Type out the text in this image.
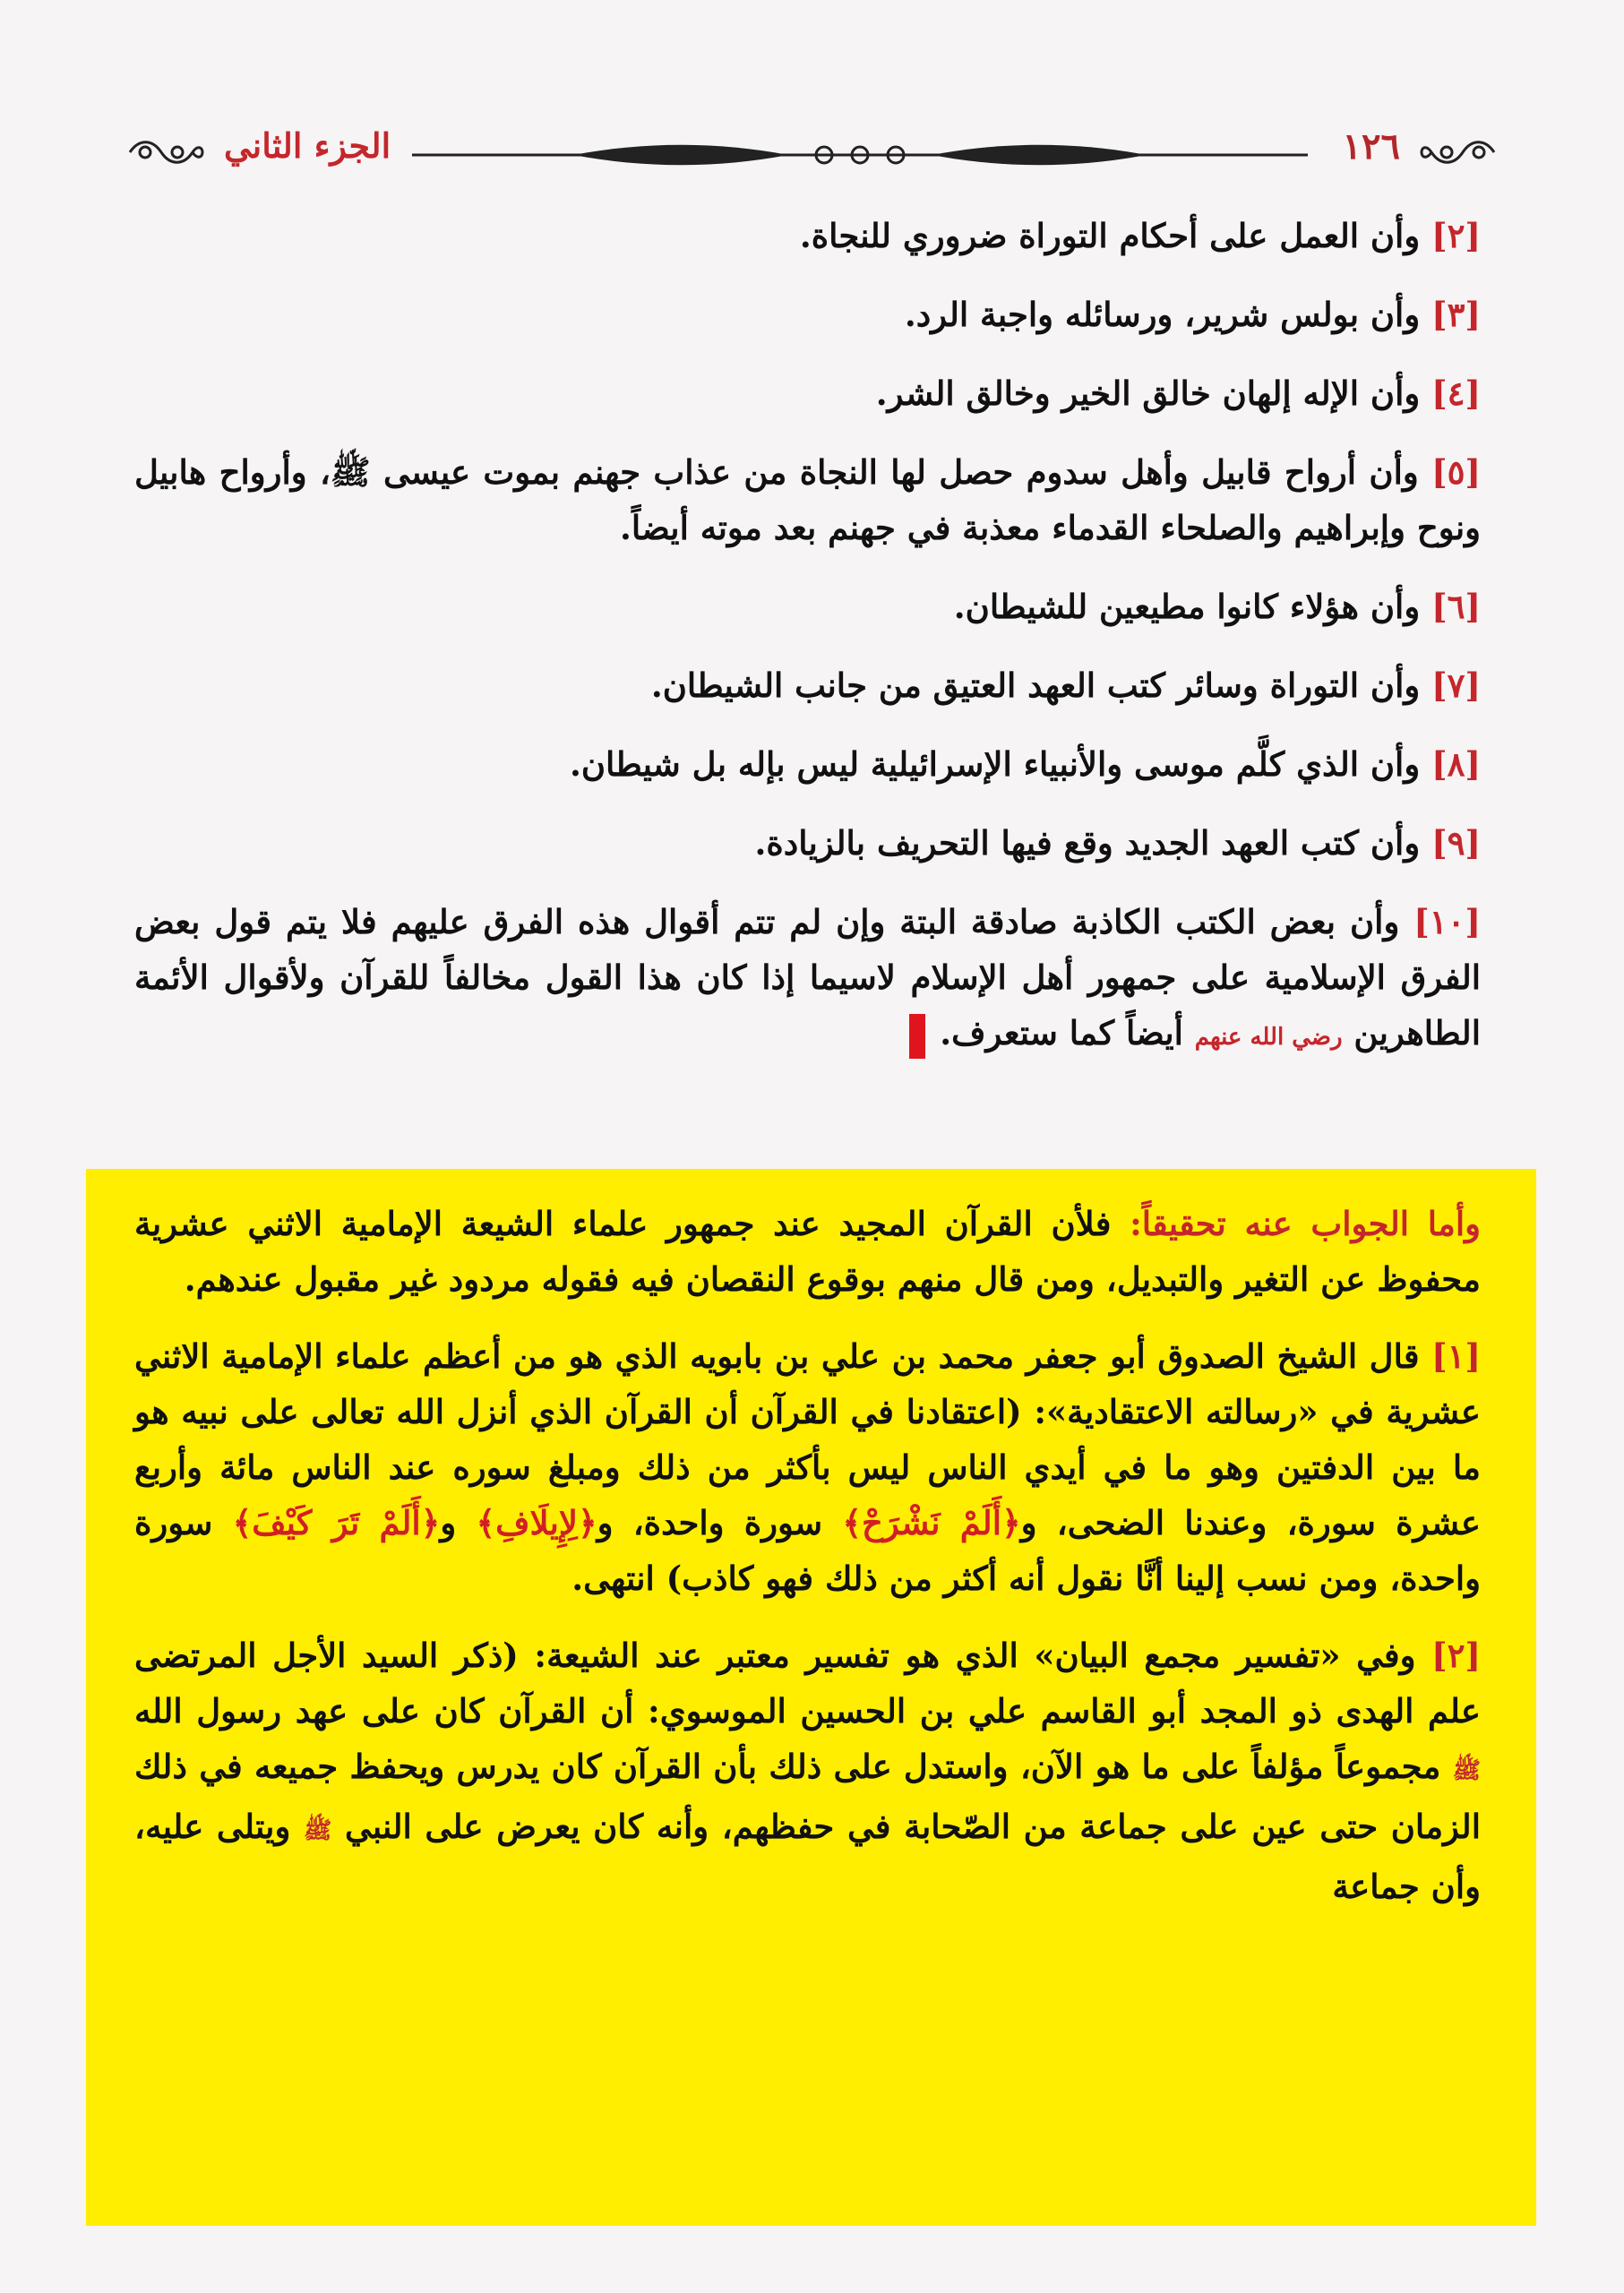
الجزء الثاني	١٢٦

[٢] وأن العمل على أحكام التوراة ضروري للنجاة.

[٣] وأن بولس شرير، ورسائله واجبة الرد.

[٤] وأن الإله إلهان خالق الخير وخالق الشر.

[٥] وأن أرواح قابيل وأهل سدوم حصل لها النجاة من عذاب جهنم بموت عيسى ﷺ، وأرواح هابيل ونوح وإبراهيم والصلحاء القدماء معذبة في جهنم بعد موته أيضاً.

[٦] وأن هؤلاء كانوا مطيعين للشيطان.

[٧] وأن التوراة وسائر كتب العهد العتيق من جانب الشيطان.

[٨] وأن الذي كلَّم موسى والأنبياء الإسرائيلية ليس بإله بل شيطان.

[٩] وأن كتب العهد الجديد وقع فيها التحريف بالزيادة.

[١٠] وأن بعض الكتب الكاذبة صادقة البتة وإن لم تتم أقوال هذه الفرق عليهم فلا يتم قول بعض الفرق الإسلامية على جمهور أهل الإسلام لاسيما إذا كان هذا القول مخالفاً للقرآن ولأقوال الأئمة الطاهرين رضي الله عنهم أيضاً كما ستعرف.

وأما الجواب عنه تحقيقاً: فلأن القرآن المجيد عند جمهور علماء الشيعة الإمامية الاثني عشرية محفوظ عن التغير والتبديل، ومن قال منهم بوقوع النقصان فيه فقوله مردود غير مقبول عندهم.

[١] قال الشيخ الصدوق أبو جعفر محمد بن علي بن بابويه الذي هو من أعظم علماء الإمامية الاثني عشرية في «رسالته الاعتقادية»: (اعتقادنا في القرآن أن القرآن الذي أنزل الله تعالى على نبيه هو ما بين الدفتين وهو ما في أيدي الناس ليس بأكثر من ذلك ومبلغ سوره عند الناس مائة وأربع عشرة سورة، وعندنا الضحى، و﴿أَلَمْ نَشْرَحْ﴾ سورة واحدة، و﴿لِإِيلَافِ﴾ و﴿أَلَمْ تَرَ كَيْفَ﴾ سورة واحدة، ومن نسب إلينا أنَّا نقول أنه أكثر من ذلك فهو كاذب) انتهى.

[٢] وفي «تفسير مجمع البيان» الذي هو تفسير معتبر عند الشيعة: (ذكر السيد الأجل المرتضى علم الهدى ذو المجد أبو القاسم علي بن الحسين الموسوي: أن القرآن كان على عهد رسول الله ﷺ مجموعاً مؤلفاً على ما هو الآن، واستدل على ذلك بأن القرآن كان يدرس ويحفظ جميعه في ذلك الزمان حتى عين على جماعة من الصّحابة في حفظهم، وأنه كان يعرض على النبي ﷺ ويتلى عليه، وأن جماعة
